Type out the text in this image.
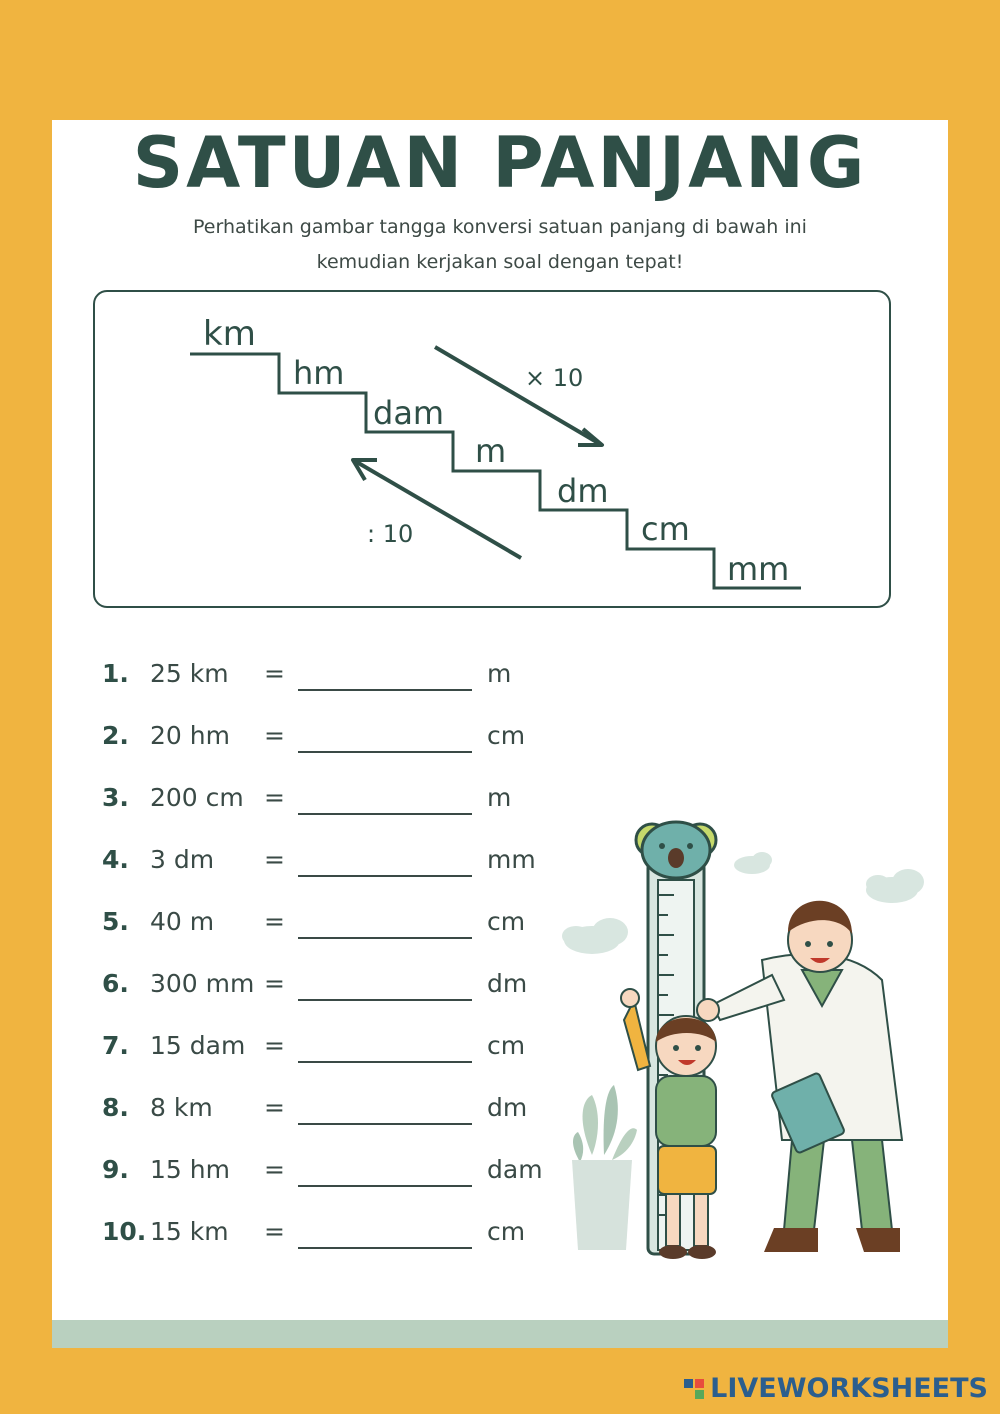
SATUAN PANJANG
Perhatikan gambar tangga konversi satuan panjang di bawah ini
kemudian kerjakan soal dengan tepat!
km
hm
dam
m
dm
cm
mm
× 10
: 10
1. 25 km =	m
2. 20 hm =	cm
3. 200 cm =	m
4. 3 dm =	mm
5. 40 m =	cm
6. 300 mm =	dm
7. 15 dam =	cm
8. 8 km =	dm
9. 15 hm =	dam
10. 15 km =	cm
LIVEWORKSHEETS
